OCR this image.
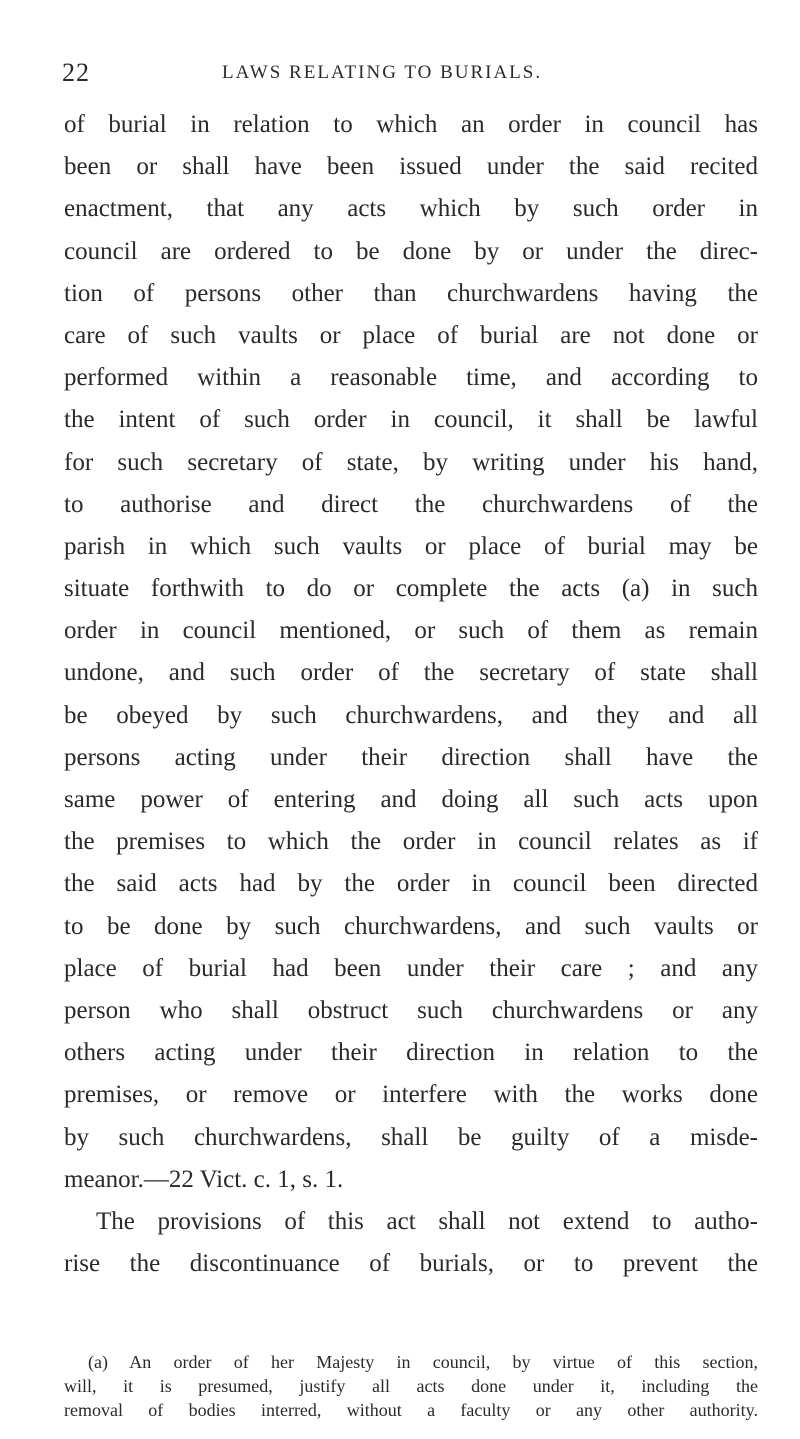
22	LAWS RELATING TO BURIALS.
of burial in relation to which an order in council has
been or shall have been issued under the said recited
enactment, that any acts which by such order in
council are ordered to be done by or under the direc-
tion of persons other than churchwardens having the
care of such vaults or place of burial are not done or
performed within a reasonable time, and according to
the intent of such order in council, it shall be lawful
for such secretary of state, by writing under his hand,
to authorise and direct the churchwardens of the
parish in which such vaults or place of burial may be
situate forthwith to do or complete the acts (a) in such
order in council mentioned, or such of them as remain
undone, and such order of the secretary of state shall
be obeyed by such churchwardens, and they and all
persons acting under their direction shall have the
same power of entering and doing all such acts upon
the premises to which the order in council relates as if
the said acts had by the order in council been directed
to be done by such churchwardens, and such vaults or
place of burial had been under their care ; and any
person who shall obstruct such churchwardens or any
others acting under their direction in relation to the
premises, or remove or interfere with the works done
by such churchwardens, shall be guilty of a misde-
meanor.—22 Vict. c. 1, s. 1.
The provisions of this act shall not extend to autho-
rise the discontinuance of burials, or to prevent the
(a) An order of her Majesty in council, by virtue of this section,
will, it is presumed, justify all acts done under it, including the
removal of bodies interred, without a faculty or any other authority.
